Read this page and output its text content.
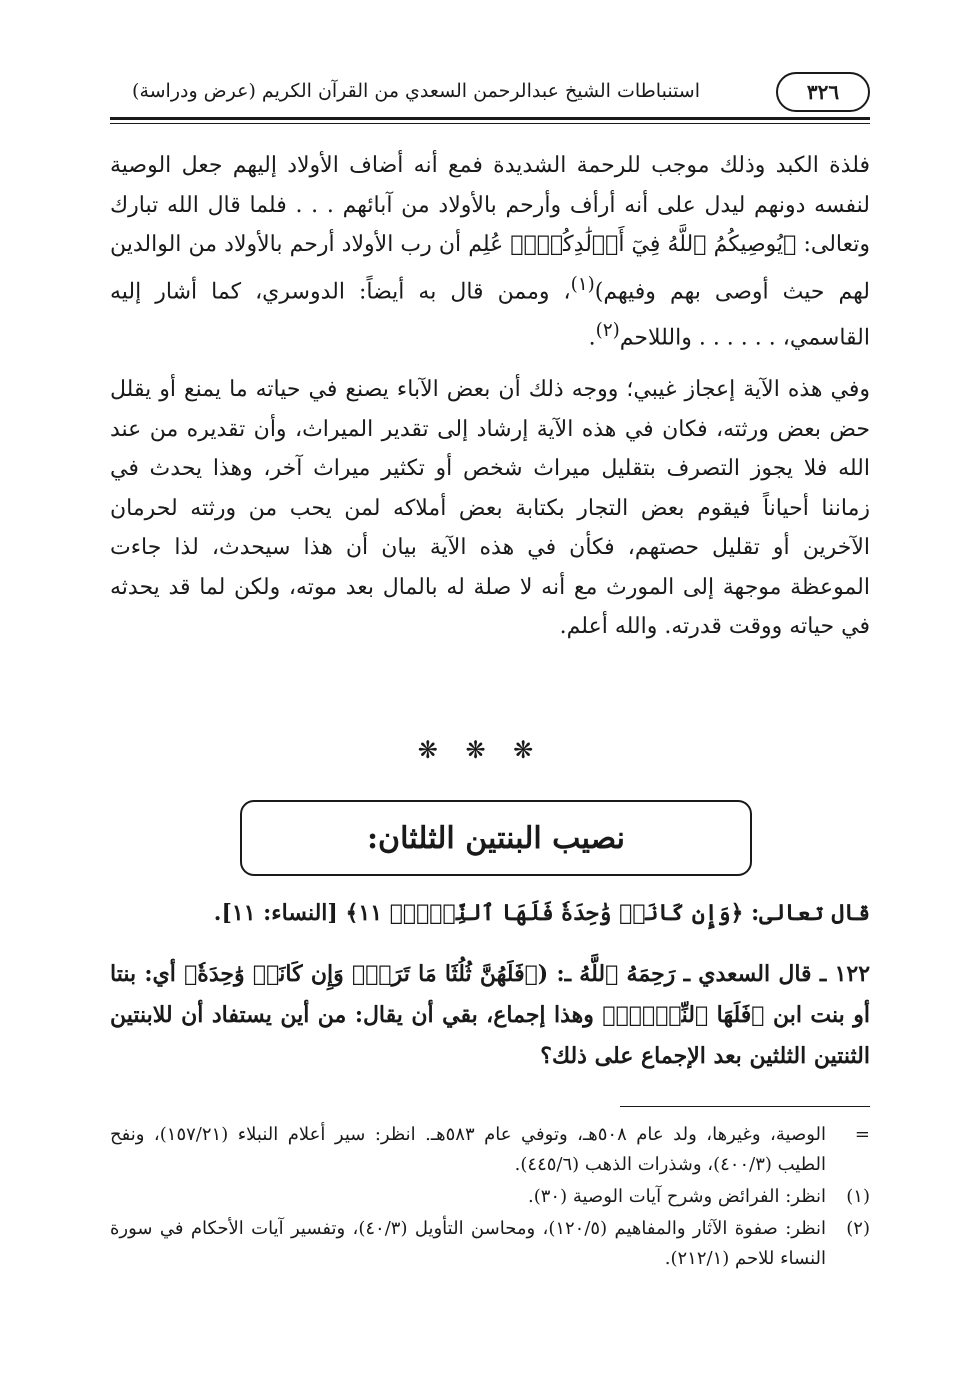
٣٢٦
استنباطات الشيخ عبدالرحمن السعدي من القرآن الكريم (عرض ودراسة)
فلذة الكبد وذلك موجب للرحمة الشديدة فمع أنه أضاف الأولاد إليهم جعل الوصية لنفسه دونهم ليدل على أنه أرأف وأرحم بالأولاد من آبائهم . . . فلما قال الله تبارك وتعالى: ﴿يُوصِيكُمُ ٱللَّهُ فِيٓ أَوۡلَٰدِكُمۡۖ﴾ عُلِم أن رب الأولاد أرحم بالأولاد من الوالدين لهم حيث أوصى بهم وفيهم)$^{(١)}$، وممن قال به أيضاً: الدوسري، كما أشار إليه القاسمي، . . . . . . والللاحم$^{(٢)}$.
وفي هذه الآية إعجاز غيبي؛ ووجه ذلك أن بعض الآباء يصنع في حياته ما يمنع أو يقلل حض بعض ورثته، فكان في هذه الآية إرشاد إلى تقدير الميراث، وأن تقديره من عند الله فلا يجوز التصرف بتقليل ميراث شخص أو تكثير ميراث آخر، وهذا يحدث في زماننا أحياناً فيقوم بعض التجار بكتابة بعض أملاكه لمن يحب من ورثته لحرمان الآخرين أو تقليل حصتهم، فكأن في هذه الآية بيان أن هذا سيحدث، لذا جاءت الموعظة موجهة إلى المورث مع أنه لا صلة له بالمال بعد موته، ولكن لما قد يحدثه في حياته ووقت قدرته. والله أعلم.
❋ ❋ ❋
نصيب البنتين الثلثان:
قال تعالى: ﴿وَإِن كَانَتۡ وَٰحِدَةٗ فَلَهَا ٱلنِّصۡفُۚ ١١﴾ [النساء: ١١].
١٢٢ ـ قال السعدي ـ رَحِمَهُ ٱللَّهُ ـ: (﴿فَلَهُنَّ ثُلُثَا مَا تَرَكَۖ وَإِن كَانَتۡ وَٰحِدَةٗ﴾ أي: بنتا أو بنت ابن ﴿فَلَهَا ٱلنِّصۡفُۚ﴾ وهذا إجماع، بقي أن يقال: من أين يستفاد أن للابنتين الثنتين الثلثين بعد الإجماع على ذلك؟
=
الوصية، وغيرها، ولد عام ٥٠٨هـ، وتوفي عام ٥٨٣هـ. انظر: سير أعلام النبلاء (١٥٧/٢١)، ونفح الطيب (٤٠٠/٣)، وشذرات الذهب (٤٤٥/٦).
(١)
انظر: الفرائض وشرح آيات الوصية (٣٠).
(٢)
انظر: صفوة الآثار والمفاهيم (١٢٠/٥)، ومحاسن التأويل (٤٠/٣)، وتفسير آيات الأحكام في سورة النساء للاحم (٢١٢/١).
